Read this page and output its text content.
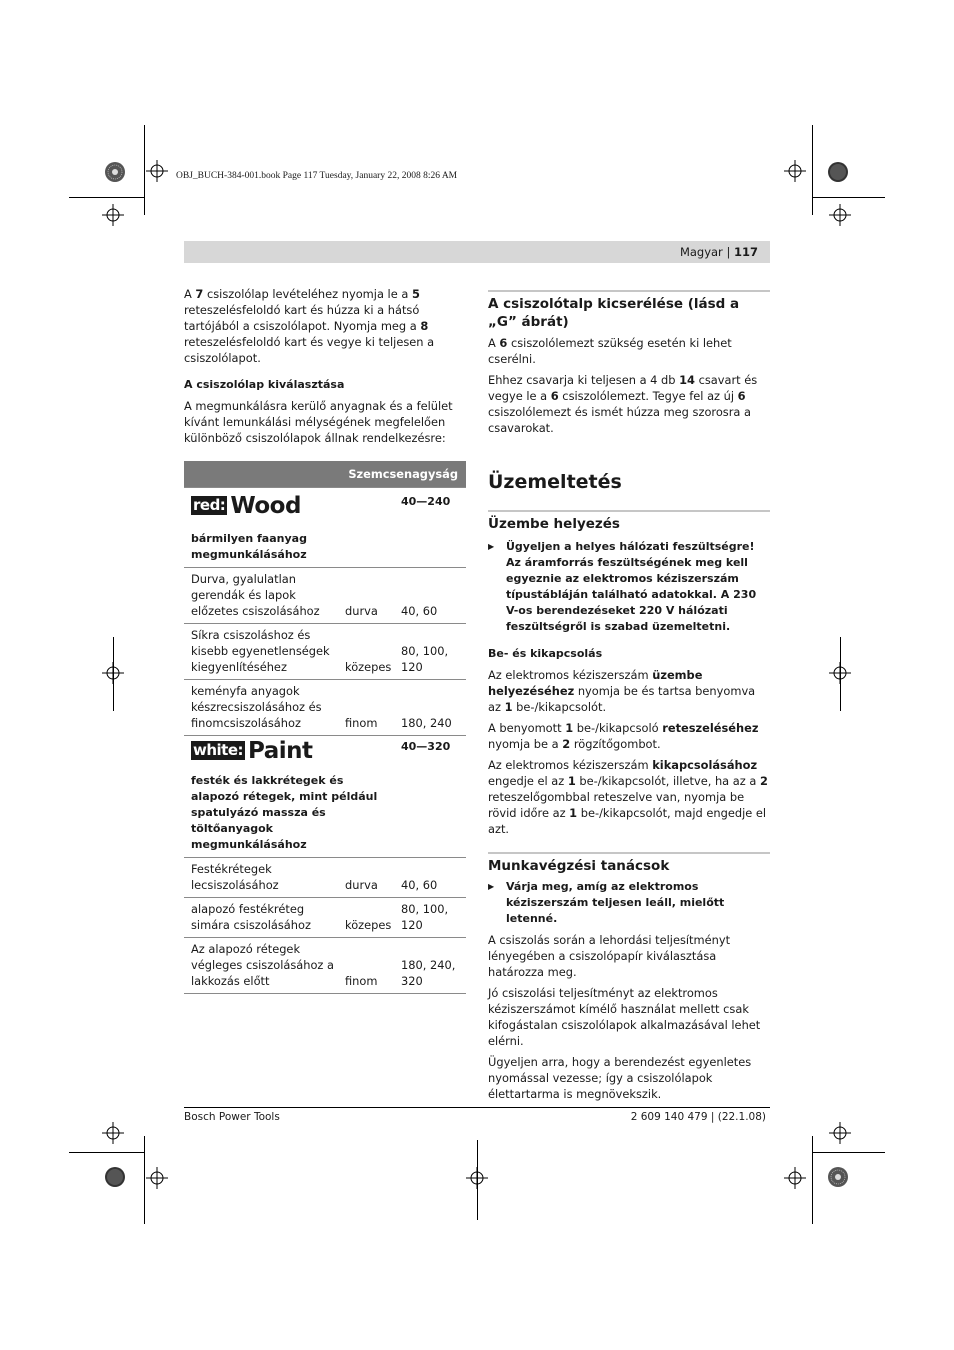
OBJ_BUCH-384-001.book Page 117 Tuesday, January 22, 2008 8:26 AM
Magyar | 117

A 7 csiszolólap levételéhez nyomja le a 5 reteszelésfeloldó kart és húzza ki a hátsó tartójából a csiszolólapot. Nyomja meg a 8 reteszelésfeloldó kart és vegye ki teljesen a csiszolólapot.

A csiszolólap kiválasztása

A megmunkálásra kerülő anyagnak és a felület kívánt lemunkálási mélységének megfelelően különböző csiszolólapok állnak rendelkezésre:

Szemcsenagyság		
red: Wood
bármilyen faanyag megmunkálásához		40—240
Durva, gyalulatlan gerendák és lapok előzetes csiszolásához	durva	40, 60
Síkra csiszoláshoz és kisebb egyenetlenségek kiegyenlítéséhez	közepes	80, 100, 120
keményfa anyagok készrecsiszolásához és finomcsiszolásához	finom	180, 240
white: Paint
festék és lakkrétegek és alapozó rétegek, mint például spatulyázó massza és töltőanyagok megmunkálásához		40—320
Festékrétegek lecsiszolásához	durva	40, 60
alapozó festékréteg simára csiszolásához	közepes	80, 100, 120
Az alapozó rétegek végleges csiszolásához a lakkozás előtt	finom	180, 240, 320

A csiszolótalp kicserélése (lásd a „G” ábrát)

A 6 csiszolólemezt szükség esetén ki lehet cserélni.

Ehhez csavarja ki teljesen a 4 db 14 csavart és vegye le a 6 csiszolólemezt. Tegye fel az új 6 csiszolólemezt és ismét húzza meg szorosra a csavarokat.

Üzemeltetés

Üzembe helyezés

▶ Ügyeljen a helyes hálózati feszültségre! Az áramforrás feszültségének meg kell egyeznie az elektromos kéziszerszám típustábláján található adatokkal. A 230 V-os berendezéseket 220 V hálózati feszültségről is szabad üzemeltetni.

Be- és kikapcsolás

Az elektromos kéziszerszám üzembe helyezéséhez nyomja be és tartsa benyomva az 1 be-/kikapcsolót.

A benyomott 1 be-/kikapcsoló reteszeléséhez nyomja be a 2 rögzítőgombot.

Az elektromos kéziszerszám kikapcsolásához engedje el az 1 be-/kikapcsolót, illetve, ha az a 2 reteszelőgombbal reteszelve van, nyomja be rövid időre az 1 be-/kikapcsolót, majd engedje el azt.

Munkavégzési tanácsok

▶ Várja meg, amíg az elektromos kéziszerszám teljesen leáll, mielőtt letenné.

A csiszolás során a lehordási teljesítményt lényegében a csiszolópapír kiválasztása határozza meg.

Jó csiszolási teljesítményt az elektromos kéziszerszámot kímélő használat mellett csak kifogástalan csiszolólapok alkalmazásával lehet elérni.

Ügyeljen arra, hogy a berendezést egyenletes nyomással vezesse; így a csiszolólapok élettartarma is megnövekszik.

Bosch Power Tools	2 609 140 479 | (22.1.08)
